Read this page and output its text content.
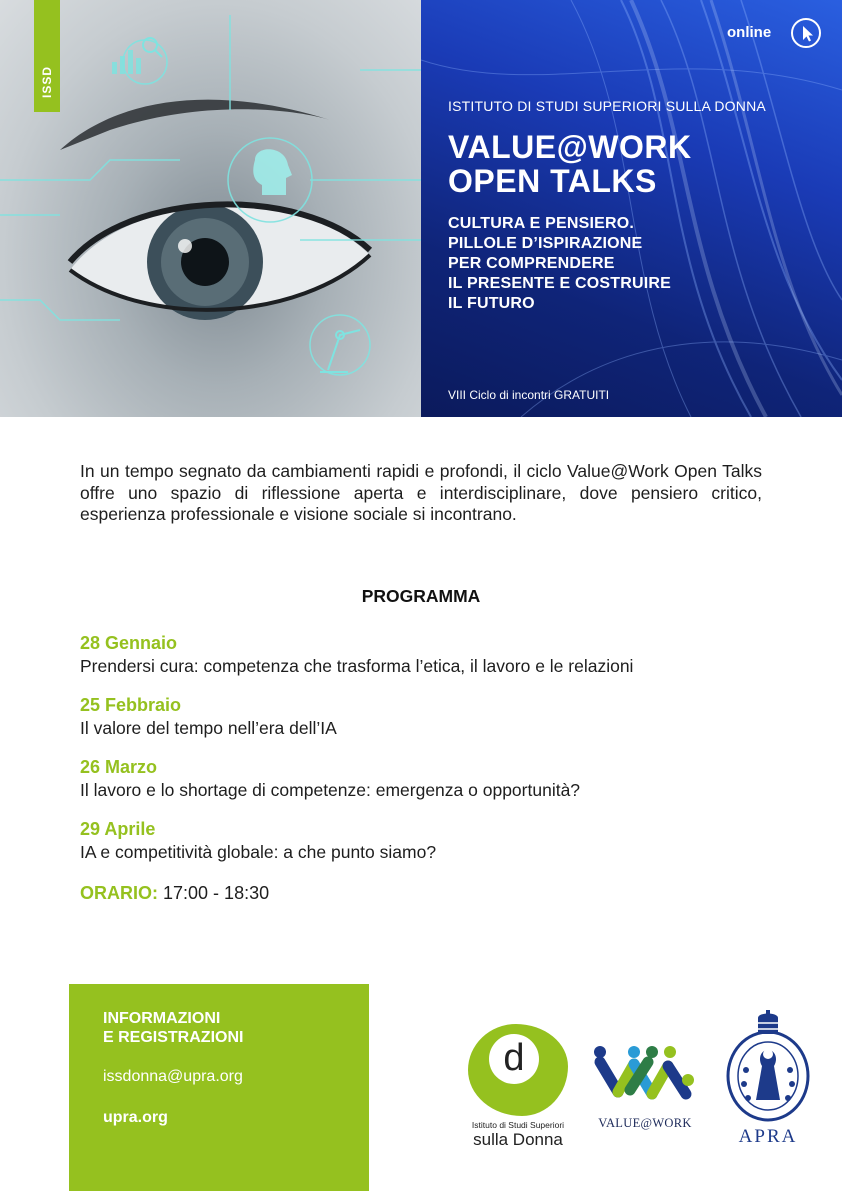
ISSD
online
ISTITUTO DI STUDI SUPERIORI SULLA DONNA
VALUE@WORK
OPEN TALKS
CULTURA E PENSIERO.
PILLOLE D’ISPIRAZIONE
PER COMPRENDERE
IL PRESENTE E COSTRUIRE
IL FUTURO
VIII Ciclo di incontri GRATUITI
In un tempo segnato da cambiamenti rapidi e profondi, il ciclo Value@Work Open Talks offre uno spazio di riflessione aperta e interdisciplinare, dove pensiero critico, esperienza professionale e visione sociale si incontrano.
PROGRAMMA
28 Gennaio
Prendersi cura: competenza che trasforma l’etica, il lavoro e le relazioni
25 Febbraio
Il valore del tempo nell’era dell’IA
26 Marzo
Il lavoro e lo shortage di competenze: emergenza o opportunità?
29 Aprile
IA e competitività globale: a che punto siamo?
ORARIO: 17:00 - 18:30
INFORMAZIONI
E REGISTRAZIONI
issdonna@upra.org
upra.org
d
Istituto di Studi Superiori
sulla Donna
VALUE@WORK
APRA
